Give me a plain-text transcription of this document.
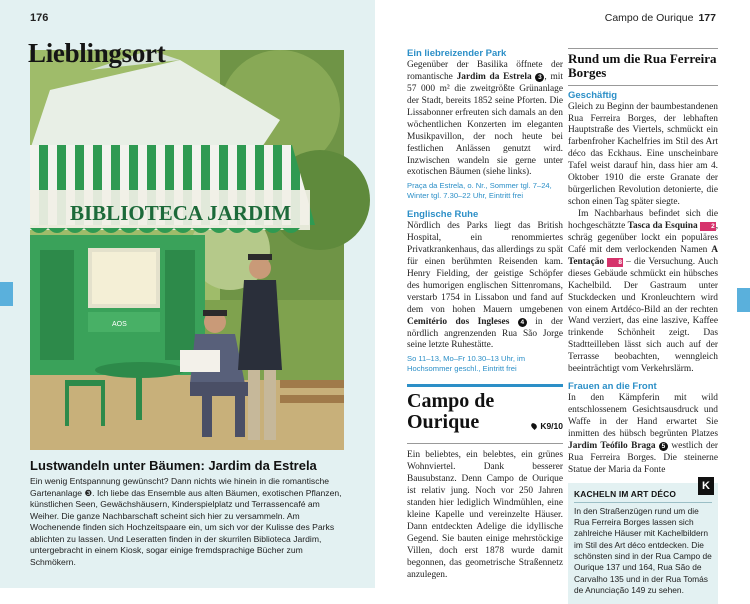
176
BIBLIOTECA JARDIM
AOS
Lieblingsort
Lustwandeln unter Bäumen: Jardim da Estrela
Ein wenig Entspannung gewünscht? Dann nichts wie hinein in die romantische Gartenanlage ❸. Ich liebe das Ensemble aus alten Bäumen, exotischen Pflanzen, künstlichen Seen, Gewächshäusern, Kinderspielplatz und Terrassencafé am Weiher. Die ganze Nachbarschaft scheint sich hier zu versammeln. Am Wochenende finden sich Hochzeitspaare ein, um sich vor der Kulisse des Parks ablichten zu lassen. Und Leseratten finden in der skurrilen Biblioteca Jardim, untergebracht in einem Kiosk, sogar einige fremdsprachige Bücher zum Schmökern.
Campo de Ourique 177
Ein liebreizender Park
Gegenüber der Basilika öffnete der romantische Jardim da Estrela 3 , mit 57 000 m² die zweitgrößte Grünanlage der Stadt, bereits 1852 seine Pforten. Die Lissabonner erfreuten sich damals an den wöchentlichen Konzerten im eleganten Musikpavillon, der noch heute bei festlichen Anlässen genutzt wird. Inzwischen wandeln sie gerne unter exotischen Bäumen (siehe links).
Praça da Estrela, o. Nr., Sommer tgl. 7–24, Winter tgl. 7.30–22 Uhr, Eintritt frei
Englische Ruhe
Nördlich des Parks liegt das British Hospital, ein renommiertes Privatkrankenhaus, das allerdings zu spät für einen berühmten Reisenden kam. Henry Fielding, der geistige Schöpfer des humorigen englischen Sittenromans, verstarb 1754 in Lissabon und fand auf dem von hohen Mauern umgebenen Cemitério dos Ingleses 4 in der nördlich angrenzenden Rua São Jorge seine letzte Ruhestätte.
So 11–13, Mo–Fr 10.30–13 Uhr, im Hochsommer geschl., Eintritt frei
Campo de
Ourique	K9/10
Ein beliebtes, ein belebtes, ein grünes Wohnviertel. Dank besserer Bausubstanz. Denn Campo de Ourique ist relativ jung. Noch vor 250 Jahren standen hier lediglich Windmühlen, eine kleine Kapelle und vereinzelte Häuser. Dann entdeckten Adelige die idyllische Gegend. Sie bauten einige mehrstöckige Villen, doch erst 1878 wurde damit begonnen, das geometrische Straßennetz anzulegen.
Rund um die Rua Ferreira Borges
Geschäftig
Gleich zu Beginn der baumbestandenen Rua Ferreira Borges, der lebhaften Hauptstraße des Viertels, schmückt ein farbenfroher Kachelfries im Stil des Art déco das Eckhaus. Eine unscheinbare Tafel weist darauf hin, dass hier am 4. Oktober 1910 die erste Granate der bürgerlichen Revolution detonierte, die schon einen Tag später siegte.
Im Nachbarhaus befindet sich die hochgeschätzte Tasca da Esquina 2, schräg gegenüber lockt ein populäres Café mit dem verlockenden Namen A Tentação 8 – die Versuchung. Auch dieses Gebäude schmückt ein hübsches Kachelbild. Der Gastraum unter Stuckdecken und Kronleuchtern wird von einem Artdéco-Bild an der rechten Wand verziert, das eine laszive, Kaffee trinkende Schönheit zeigt. Das Stadtteilleben lässt sich auch auf der Terrasse beobachten, wenngleich beeinträchtigt vom Verkehrslärm.
Frauen an die Front
In den Kämpferin mit wild entschlossenem Gesichtsausdruck und Waffe in der Hand erwartet Sie inmitten des hübsch begrünten Platzes Jardim Teófilo Braga 5 westlich der Rua Ferreira Borges. Die steinerne Statue der Maria da Fonte
K
KACHELN IM ART DÉCO
In den Straßenzügen rund um die Rua Ferreira Borges lassen sich zahlreiche Häuser mit Kachelbildern im Stil des Art déco entdecken. Die schönsten sind in der Rua Campo de Ourique 137 und 164, Rua São de Carvalho 135 und in der Rua Tomás de Anunciação 149 zu sehen.
